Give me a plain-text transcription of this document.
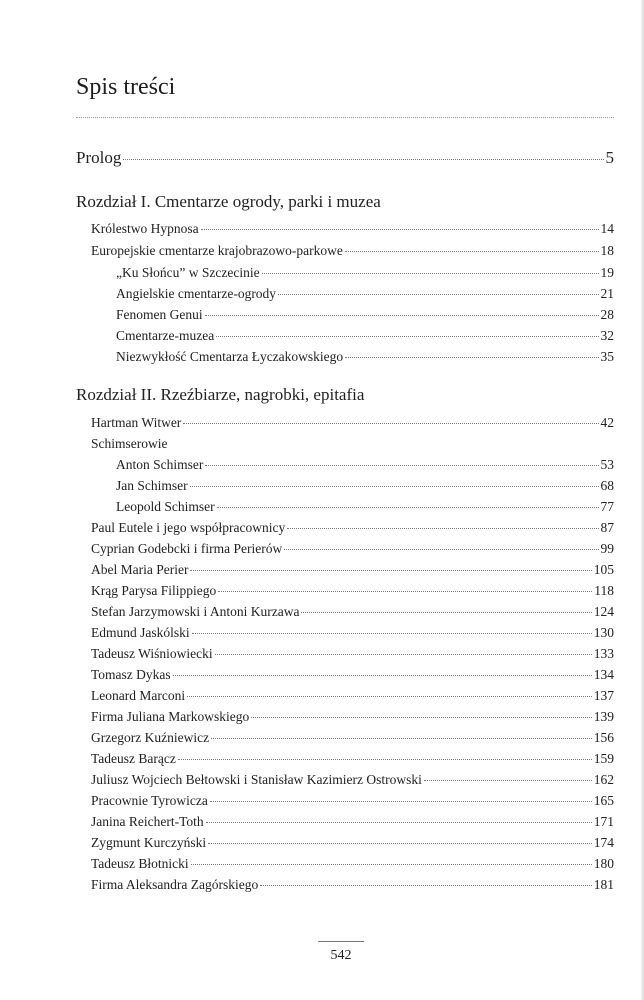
Spis treści
Prolog	5
Rozdział I. Cmentarze ogrody, parki i muzea
Królestwo Hypnosa	14
Europejskie cmentarze krajobrazowo-parkowe	18
„Ku Słońcu” w Szczecinie	19
Angielskie cmentarze-ogrody	21
Fenomen Genui	28
Cmentarze-muzea	32
Niezwykłość Cmentarza Łyczakowskiego	35
Rozdział II. Rzeźbiarze, nagrobki, epitafia
Hartman Witwer	42
Schimserowie
Anton Schimser	53
Jan Schimser	68
Leopold Schimser	77
Paul Eutele i jego współpracownicy	87
Cyprian Godebcki i firma Perierów	99
Abel Maria Perier	105
Krąg Parysa Filippiego	118
Stefan Jarzymowski i Antoni Kurzawa	124
Edmund Jaskólski	130
Tadeusz Wiśniowiecki	133
Tomasz Dykas	134
Leonard Marconi	137
Firma Juliana Markowskiego	139
Grzegorz Kuźniewicz	156
Tadeusz Barącz	159
Juliusz Wojciech Bełtowski i Stanisław Kazimierz Ostrowski	162
Pracownie Tyrowicza	165
Janina Reichert-Toth	171
Zygmunt Kurczyński	174
Tadeusz Błotnicki	180
Firma Aleksandra Zagórskiego	181
542
